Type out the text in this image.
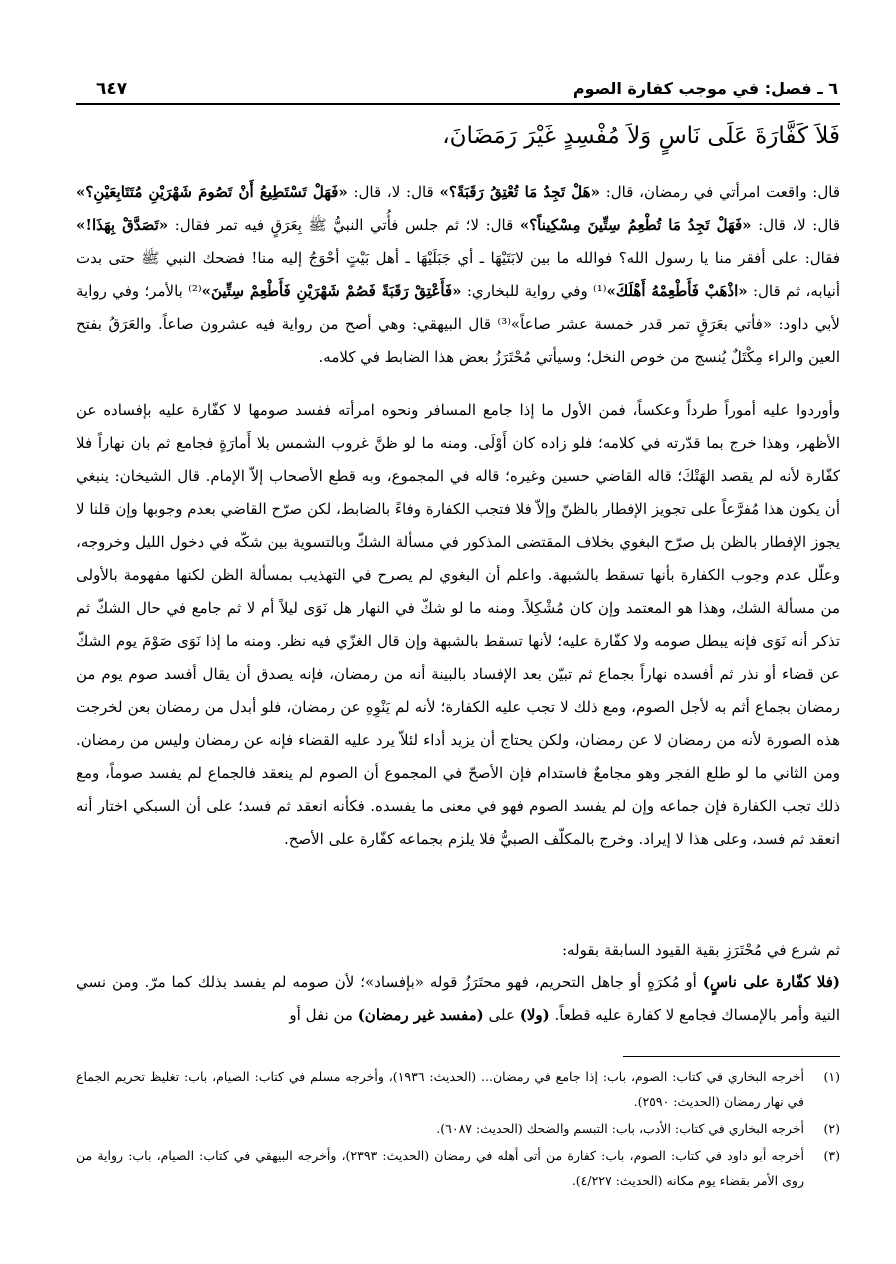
٦ ـ فصل: في موجب كفارة الصوم
٦٤٧
فَلاَ كَفَّارَةَ عَلَى نَاسٍ وَلاَ مُفْسِدٍ غَيْرَ رَمَضَانَ،
قال: واقعت امرأتي في رمضان، قال: «هَلْ تَجِدُ مَا تُعْتِقُ رَقَبَةً؟» قال: لا، قال: «فَهَلْ تَسْتَطِيعُ أَنْ تَصُومَ شَهْرَيْنِ مُتَتَابِعَيْنِ؟» قال: لا، قال: «فَهَلْ تَجِدُ مَا تُطْعِمُ سِتِّينَ مِسْكِيناً؟» قال: لا؛ ثم جلس فأُتي النبيُّ ﷺ بِعَرَقٍ فيه تمر فقال: «تَصَدَّقْ بِهَذَا!» فقال: على أفقر منا يا رسول الله؟ فوالله ما بين لابَتَيْهَا ـ أي جَبَلَيْهَا ـ أهل بَيْتٍ أحْوَجُ إليه منا! فضحك النبي ﷺ حتى بدت أنيابه، ثم قال: «اذْهَبْ فَأَطْعِمْهُ أَهْلَكَ»⁽¹⁾ وفي رواية للبخاري: «فَأَعْتِقْ رَقَبَةً فَصُمْ شَهْرَيْنِ فَأَطْعِمْ سِتِّينَ»⁽²⁾ بالأمر؛ وفي رواية لأبي داود: «فأتي بعَرَقٍ تمر قدر خمسة عشر صاعاً»⁽³⁾ قال البيهقي: وهي أصح من رواية فيه عشرون صاعاً. والعَرَقُ بفتح العين والراء مِكْتَلٌ يُنسج من خوص النخل؛ وسيأتي مُحْتَرَزُ بعض هذا الضابط في كلامه.
وأوردوا عليه أموراً طرداً وعكساً، فمن الأول ما إذا جامع المسافر ونحوه امرأته ففسد صومها لا كفّارة عليه بإفساده عن الأظهر، وهذا خرج بما قدّرته في كلامه؛ فلو زاده كان أَوْلَى. ومنه ما لو ظنَّ غروب الشمس بلا أَمارَةٍ فجامع ثم بان نهاراً فلا كفّارة لأنه لم يقصد الهَتْكَ؛ قاله القاضي حسين وغيره؛ قاله في المجموع، وبه قطع الأصحاب إلاّ الإمام. قال الشيخان: ينبغي أن يكون هذا مُفرَّعاً على تجويز الإفطار بالظنّ وإلاّ فلا فتجب الكفارة وفاءً بالضابط، لكن صرّح القاضي بعدم وجوبها وإن قلنا لا يجوز الإفطار بالظن بل صرّح البغوي بخلاف المقتضى المذكور في مسألة الشكّ وبالتسوية بين شكّه في دخول الليل وخروجه، وعلّل عدم وجوب الكفارة بأنها تسقط بالشبهة. واعلم أن البغوي لم يصرح في التهذيب بمسألة الظن لكنها مفهومة بالأولى من مسألة الشك، وهذا هو المعتمد وإن كان مُشْكِلاً. ومنه ما لو شكّ في النهار هل نَوَى ليلاً أم لا ثم جامع في حال الشكّ ثم تذكر أنه نَوَى فإنه يبطل صومه ولا كفّارة عليه؛ لأنها تسقط بالشبهة وإن قال الغزّي فيه نظر. ومنه ما إذا نَوَى صَوْمَ يوم الشكّ عن قضاء أو نذر ثم أفسده نهاراً بجماع ثم تبيّن بعد الإفساد بالبينة أنه من رمضان، فإنه يصدق أن يقال أفسد صوم يوم من رمضان بجماع أثم به لأجل الصوم، ومع ذلك لا تجب عليه الكفارة؛ لأنه لم يَنْوِهِ عن رمضان، فلو أبدل من رمضان بعن لخرجت هذه الصورة لأنه من رمضان لا عن رمضان، ولكن يحتاج أن يزيد أداء لئلاّ يرد عليه القضاء فإنه عن رمضان وليس من رمضان. ومن الثاني ما لو طلع الفجر وهو مجامعٌ فاستدام فإن الأصحّ في المجموع أن الصوم لم ينعقد فالجماع لم يفسد صوماً، ومع ذلك تجب الكفارة فإن جماعه وإن لم يفسد الصوم فهو في معنى ما يفسده. فكأنه انعقد ثم فسد؛ على أن السبكي اختار أنه انعقد ثم فسد، وعلى هذا لا إيراد. وخرج بالمكلّف الصبيُّ فلا يلزم بجماعه كفّارة على الأصح.
ثم شرع في مُحْتَرَزِ بقية القيود السابقة بقوله:
(فلا كفّارة على ناسٍ) أو مُكرَهٍ أو جاهل التحريم، فهو محتَرَزُ قوله «بإفساد»؛ لأن صومه لم يفسد بذلك كما مرّ. ومن نسي النية وأمر بالإمساك فجامع لا كفارة عليه قطعاً. (ولا) على (مفسد غير رمضان) من نفل أو
(١)
أخرجه البخاري في كتاب: الصوم، باب: إذا جامع في رمضان... (الحديث: ١٩٣٦)، وأخرجه مسلم في كتاب: الصيام، باب: تغليظ تحريم الجماع في نهار رمضان (الحديث: ٢٥٩٠).
(٢)
أخرجه البخاري في كتاب: الأدب، باب: التبسم والضحك (الحديث: ٦٠٨٧).
(٣)
أخرجه أبو داود في كتاب: الصوم، باب: كفارة من أتى أهله في رمضان (الحديث: ٢٣٩٣)، وأخرجه البيهقي في كتاب: الصيام، باب: رواية من روى الأمر بقضاء يوم مكانه (الحديث: ٤/٢٢٧).
